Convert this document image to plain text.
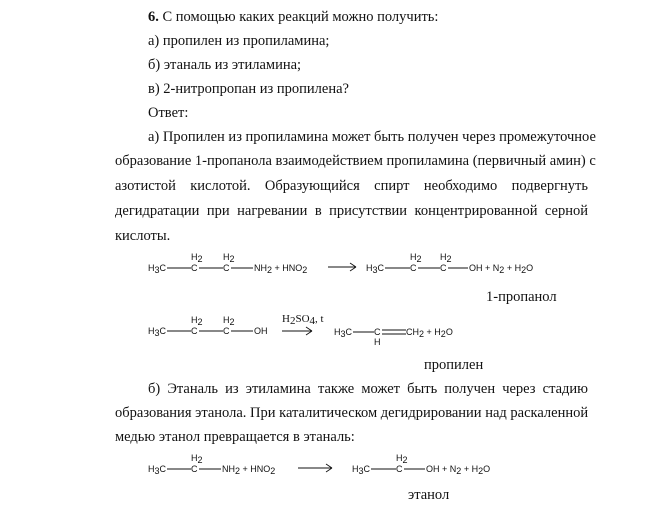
6. С помощью каких реакций можно получить:
а) пропилен из пропиламина;
б) этаналь из этиламина;
в) 2-нитропропан из пропилена?
Ответ:
а) Пропилен из пропиламина может быть получен через промежуточное
образование 1-пропанола взаимодействием пропиламина (первичный амин) с
азотистой кислотой. Образующийся спирт необходимо подвергнуть
дегидратации при нагревании в присутствии концентрированной серной
кислоты.
H3C	C
H2
C
H2
NH2 + HNO2	H3C	C
H2
C
H2
OH + N2 + H2O
1-пропанол
H3C	C
H2
C
H2
OH
H2SO4, t
H3C C
H
CH2 + H2O
пропилен
б) Этаналь из этиламина также может быть получен через стадию
образования этанола. При каталитическом дегидрировании над раскаленной
медью этанол превращается в этаналь:
H3C	C
H2
NH2 + HNO2	H3C	C
H2
OH + N2 + H2O
этанол
